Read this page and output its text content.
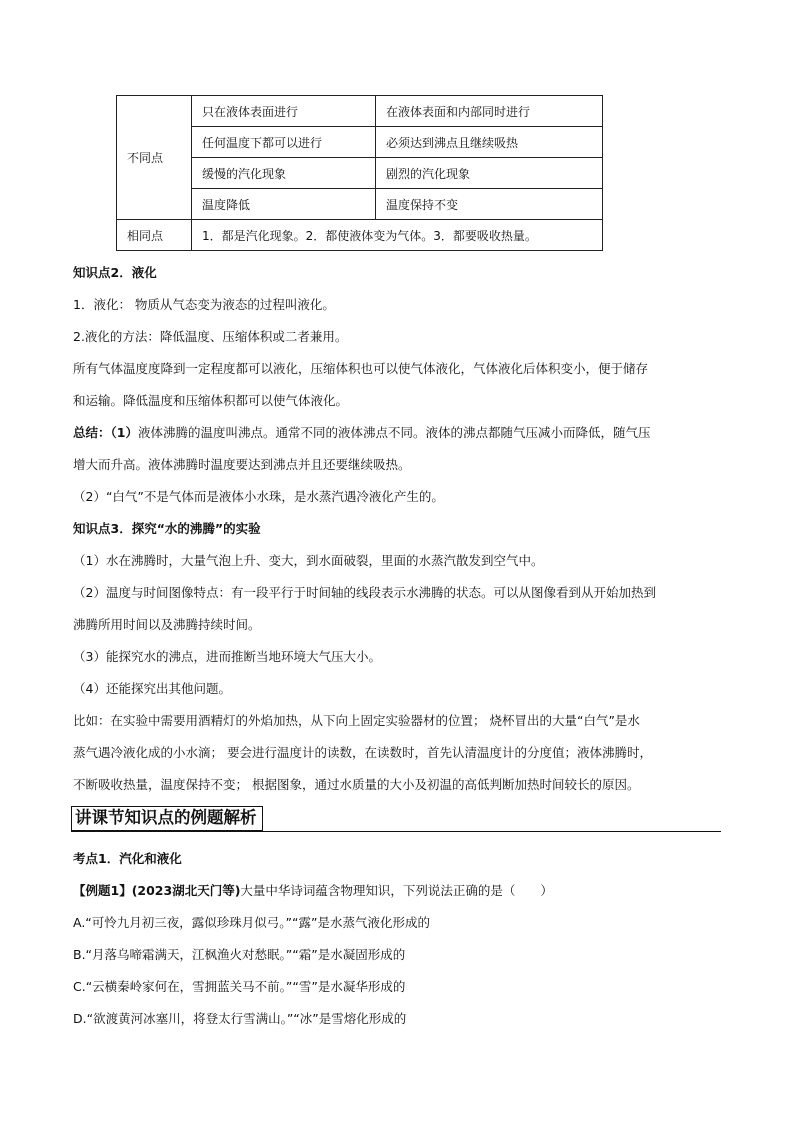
不同点	只在液体表面进行	在液体表面和内部同时进行
	任何温度下都可以进行	必须达到沸点且继续吸热
	缓慢的汽化现象	剧烈的汽化现象
	温度降低	温度保持不变
相同点	1．都是汽化现象。2．都使液体变为气体。3．都要吸收热量。	
知识点2．液化
1．液化： 物质从气态变为液态的过程叫液化。
2.液化的方法：降低温度、压缩体积或二者兼用。
所有气体温度度降到一定程度都可以液化，压缩体积也可以使气体液化，气体液化后体积变小，便于储存
和运输。降低温度和压缩体积都可以使气体液化。
总结：（1）液体沸腾的温度叫沸点。通常不同的液体沸点不同。液体的沸点都随气压减小而降低，随气压
增大而升高。液体沸腾时温度要达到沸点并且还要继续吸热。
（2）“白气”不是气体而是液体小水珠，是水蒸汽遇冷液化产生的。
知识点3．探究“水的沸腾”的实验
（1）水在沸腾时，大量气泡上升、变大，到水面破裂，里面的水蒸汽散发到空气中。
（2）温度与时间图像特点：有一段平行于时间轴的线段表示水沸腾的状态。可以从图像看到从开始加热到
沸腾所用时间以及沸腾持续时间。
（3）能探究水的沸点，进而推断当地环境大气压大小。
（4）还能探究出其他问题。
比如：在实验中需要用酒精灯的外焰加热，从下向上固定实验器材的位置； 烧杯冒出的大量“白气”是水
蒸气遇冷液化成的小水滴； 要会进行温度计的读数，在读数时，首先认清温度计的分度值；液体沸腾时，
不断吸收热量，温度保持不变； 根据图象，通过水质量的大小及初温的高低判断加热时间较长的原因。
讲课节知识点的例题解析
考点1．汽化和液化
【例题1】(2023湖北天门等)大量中华诗词蕴含物理知识，下列说法正确的是（　　）
A.“可怜九月初三夜，露似珍珠月似弓。”“露”是水蒸气液化形成的
B.“月落乌啼霜满天，江枫渔火对愁眠。”“霜”是水凝固形成的
C.“云横秦岭家何在，雪拥蓝关马不前。”“雪”是水凝华形成的
D.“欲渡黄河冰塞川，将登太行雪满山。”“冰”是雪熔化形成的
